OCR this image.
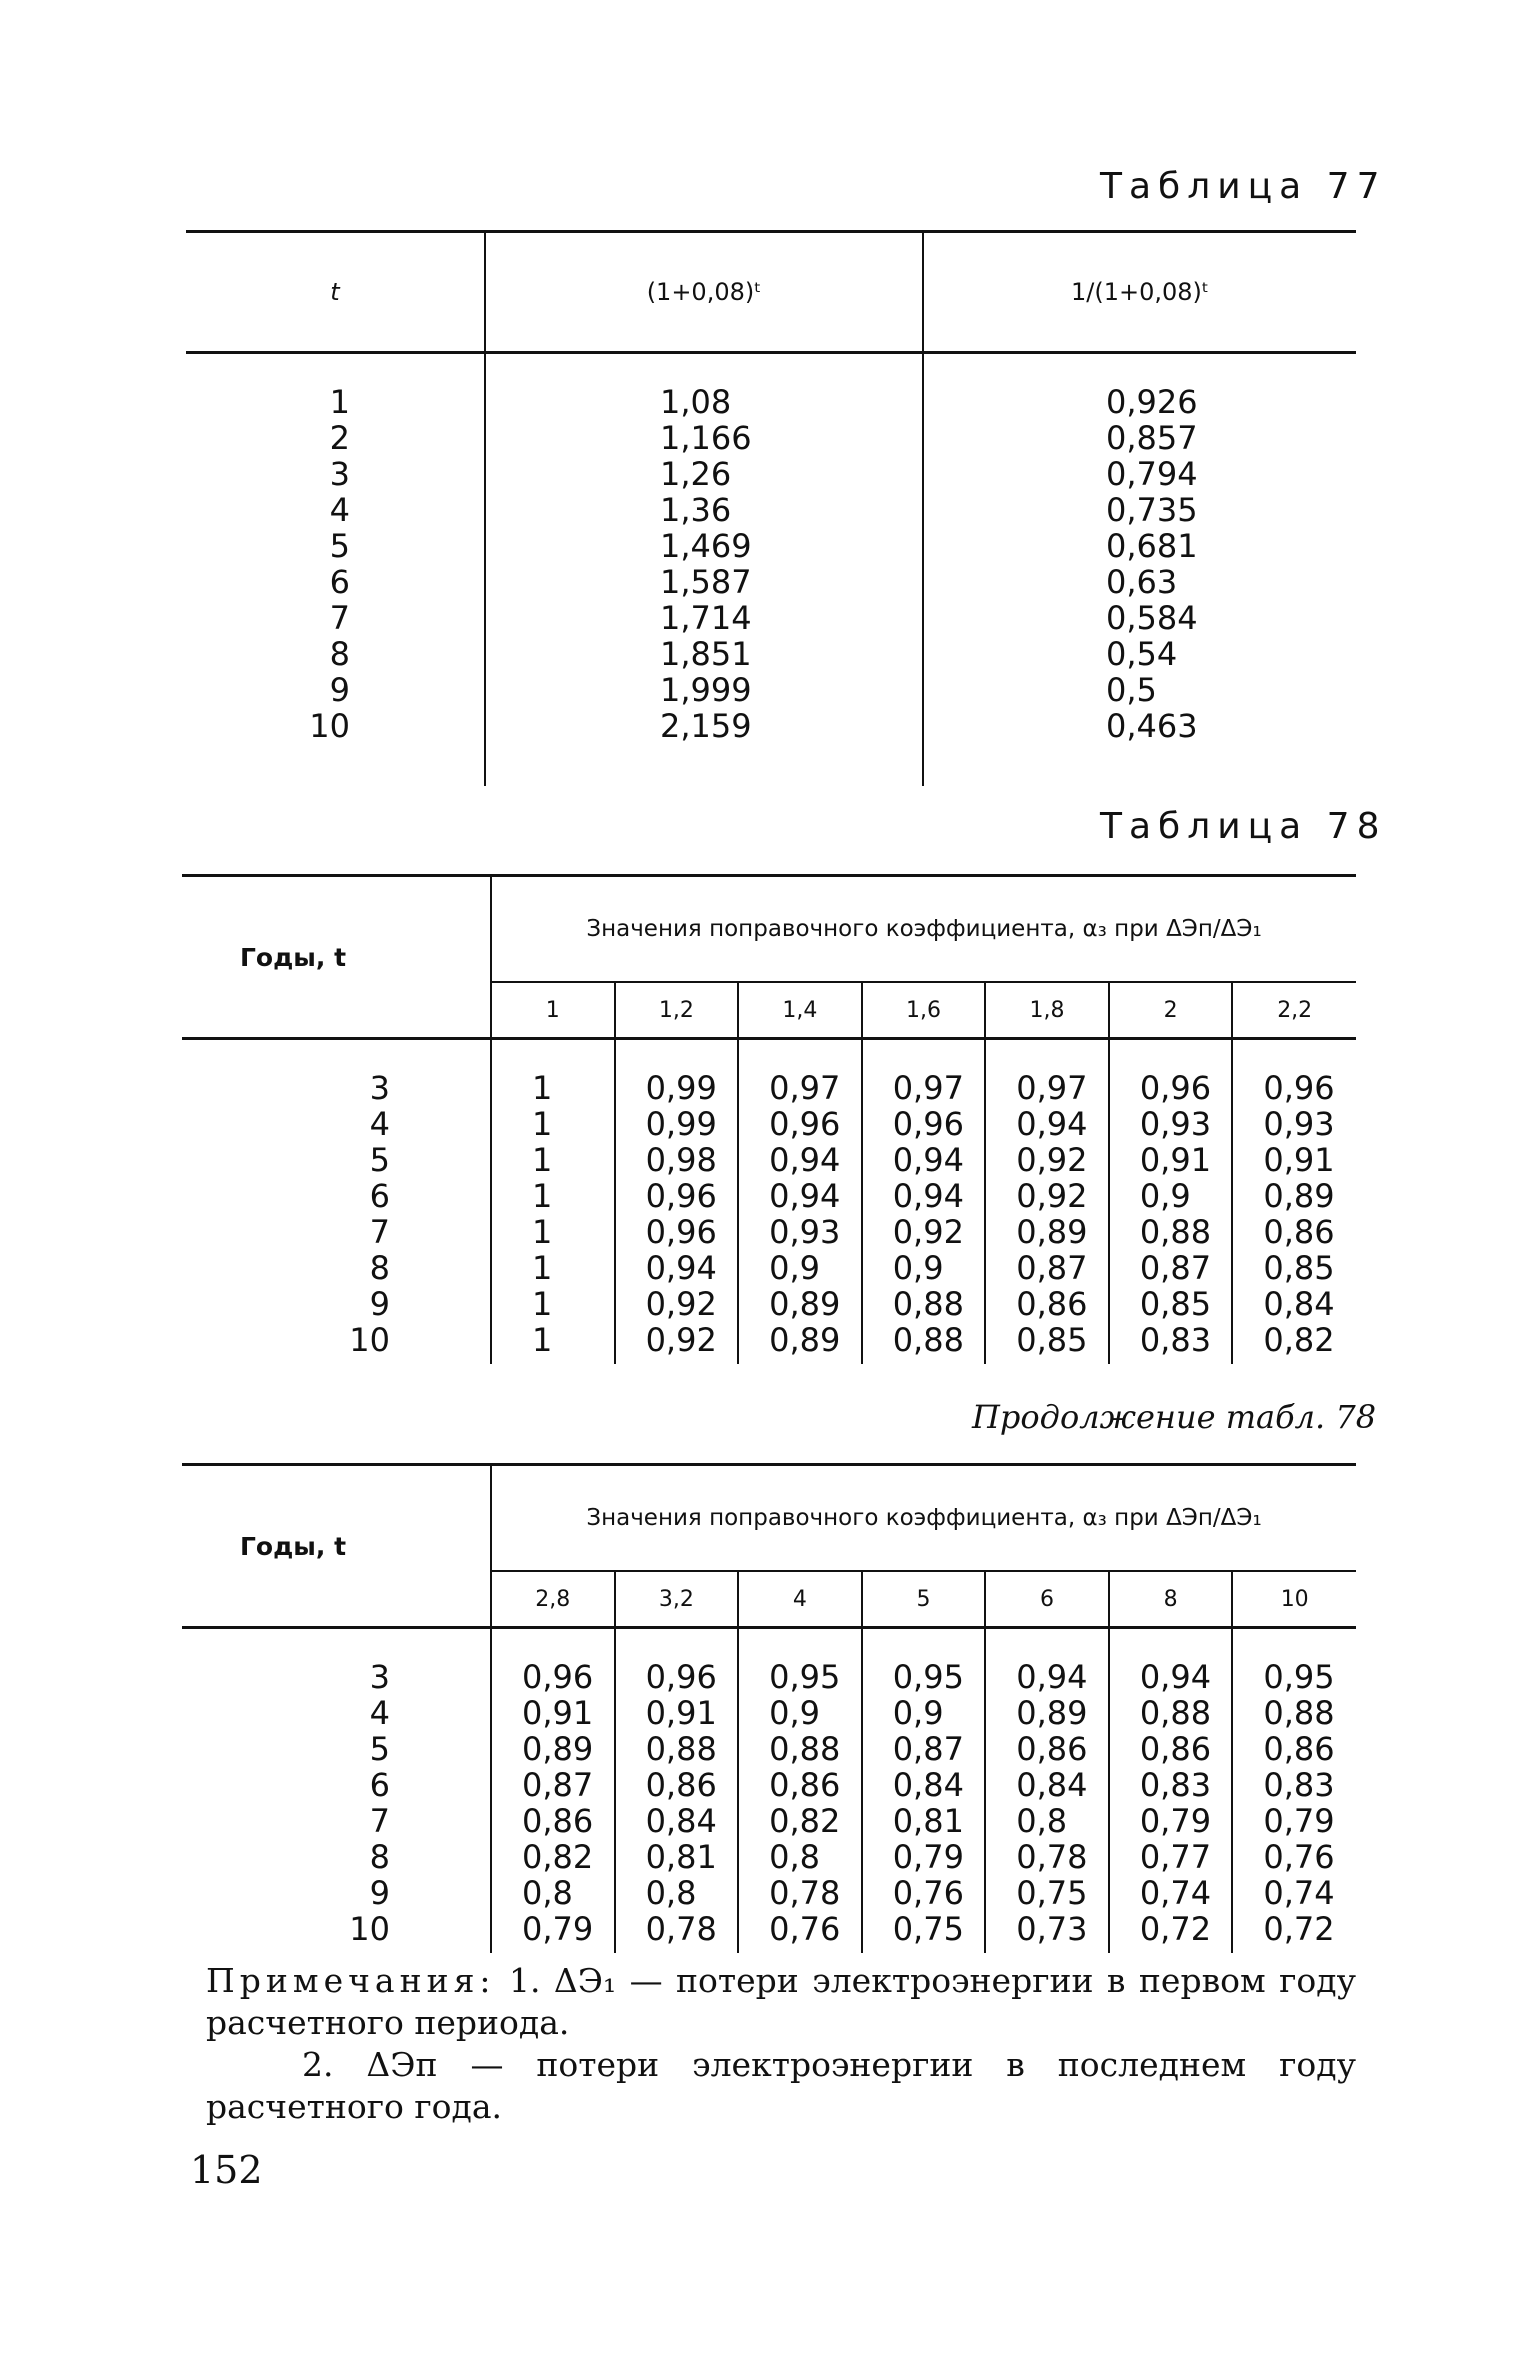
Таблица 77
t	(1+0,08)ᵗ	1/(1+0,08)ᵗ
1	1,08	0,926
2	1,166	0,857
3	1,26	0,794
4	1,36	0,735
5	1,469	0,681
6	1,587	0,63
7	1,714	0,584
8	1,851	0,54
9	1,999	0,5
10	2,159	0,463
Таблица 78
Годы, t	Значения поправочного коэффициента, α₃ при ΔЭп/ΔЭ₁						
	1	1,2	1,4	1,6	1,8	2	2,2
3	1	0,99	0,97	0,97	0,97	0,96	0,96
4	1	0,99	0,96	0,96	0,94	0,93	0,93
5	1	0,98	0,94	0,94	0,92	0,91	0,91
6	1	0,96	0,94	0,94	0,92	0,9	0,89
7	1	0,96	0,93	0,92	0,89	0,88	0,86
8	1	0,94	0,9	0,9	0,87	0,87	0,85
9	1	0,92	0,89	0,88	0,86	0,85	0,84
10	1	0,92	0,89	0,88	0,85	0,83	0,82
Продолжение табл. 78
Годы, t	Значения поправочного коэффициента, α₃ при ΔЭп/ΔЭ₁						
	2,8	3,2	4	5	6	8	10
3	0,96	0,96	0,95	0,95	0,94	0,94	0,95
4	0,91	0,91	0,9	0,9	0,89	0,88	0,88
5	0,89	0,88	0,88	0,87	0,86	0,86	0,86
6	0,87	0,86	0,86	0,84	0,84	0,83	0,83
7	0,86	0,84	0,82	0,81	0,8	0,79	0,79
8	0,82	0,81	0,8	0,79	0,78	0,77	0,76
9	0,8	0,8	0,78	0,76	0,75	0,74	0,74
10	0,79	0,78	0,76	0,75	0,73	0,72	0,72

Примечания: 1. ΔЭ₁ — потери электроэнергии в первом году расчетного периода.

2. ΔЭп — потери электроэнергии в последнем году расчетного года.

152
